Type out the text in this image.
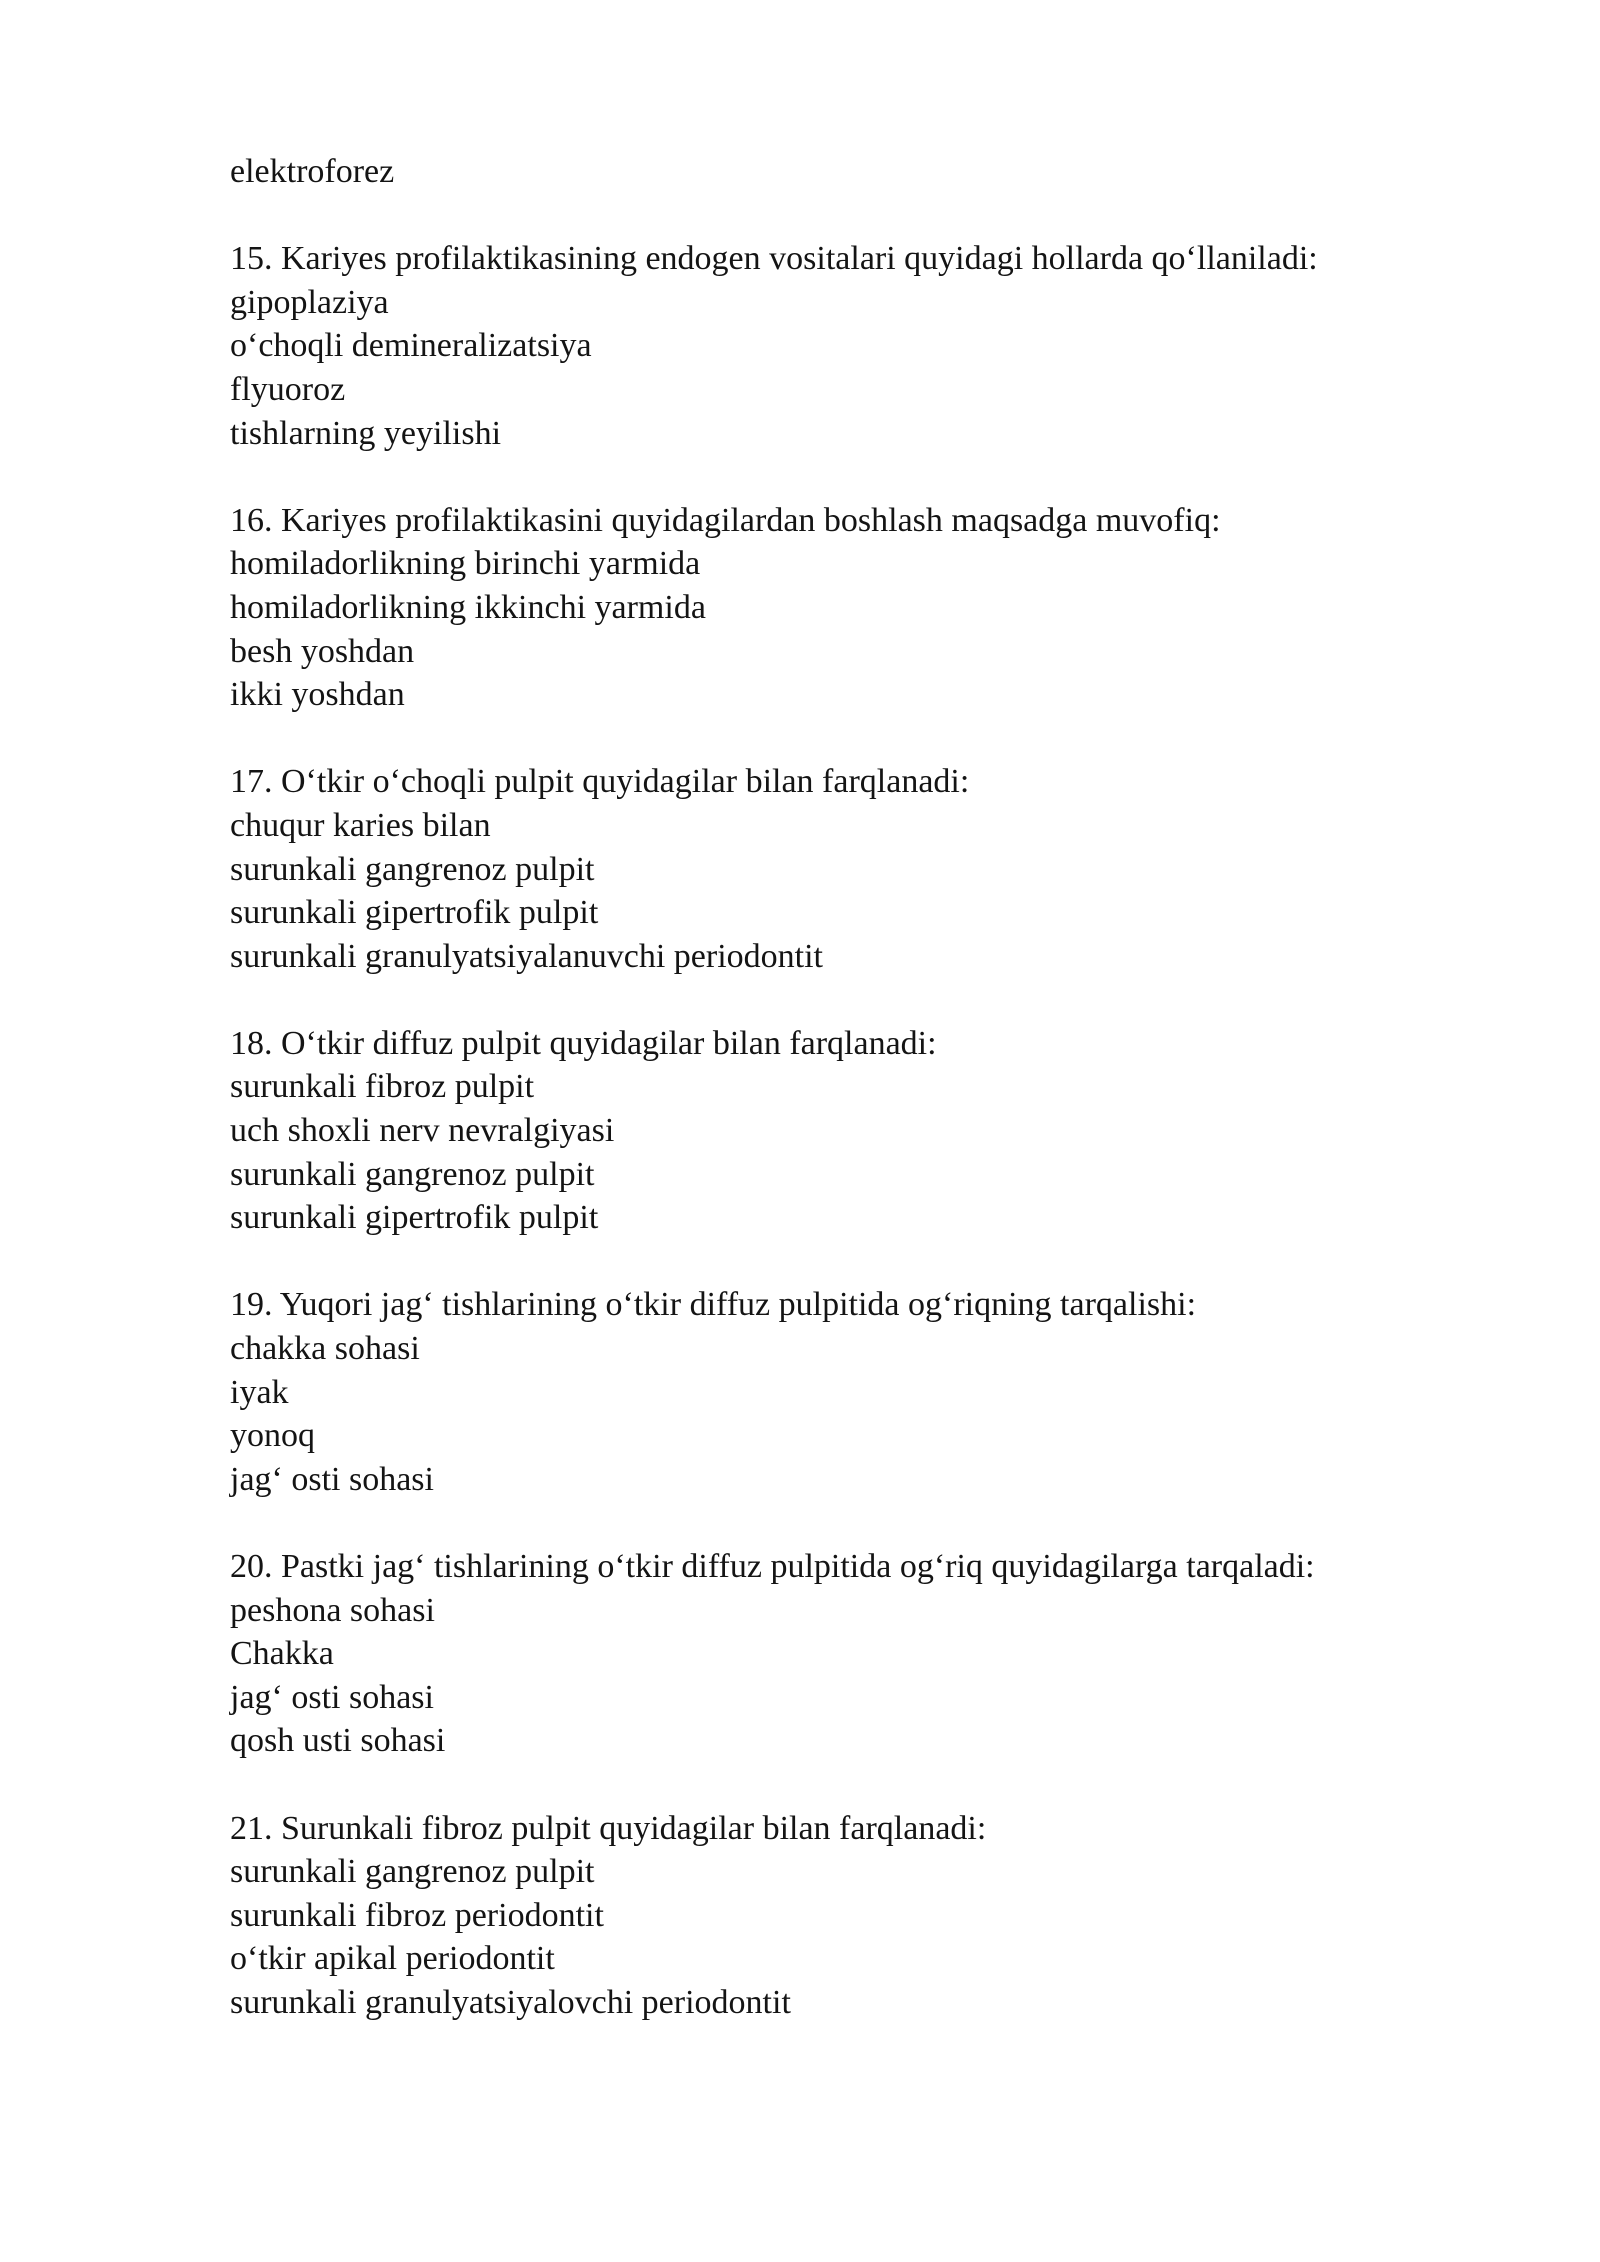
elektroforez

15. Kariyes profilaktikasining endogen vositalari quyidagi hollarda qo‘llaniladi:
gipoplaziya
o‘choqli demineralizatsiya
flyuoroz
tishlarning yeyilishi
16. Kariyes profilaktikasini quyidagilardan boshlash maqsadga muvofiq:
homiladorlikning birinchi yarmida
homiladorlikning ikkinchi yarmida
besh yoshdan
ikki yoshdan
17. O‘tkir o‘choqli pulpit quyidagilar bilan farqlanadi:
chuqur karies bilan
surunkali gangrenoz pulpit
surunkali gipertrofik pulpit
surunkali granulyatsiyalanuvchi periodontit
18. O‘tkir diffuz pulpit quyidagilar bilan farqlanadi:
surunkali fibroz pulpit
uch shoxli nerv nevralgiyasi
surunkali gangrenoz pulpit
surunkali gipertrofik pulpit
19. Yuqori jag‘ tishlarining o‘tkir diffuz pulpitida og‘riqning tarqalishi:
chakka sohasi
iyak
yonoq
jag‘ osti sohasi
20. Pastki jag‘ tishlarining o‘tkir diffuz pulpitida og‘riq quyidagilarga tarqaladi:
peshona sohasi
Chakka
jag‘ osti sohasi
qosh usti sohasi
21. Surunkali fibroz pulpit quyidagilar bilan farqlanadi:
surunkali gangrenoz pulpit
surunkali fibroz periodontit
o‘tkir apikal periodontit
surunkali granulyatsiyalovchi periodontit
